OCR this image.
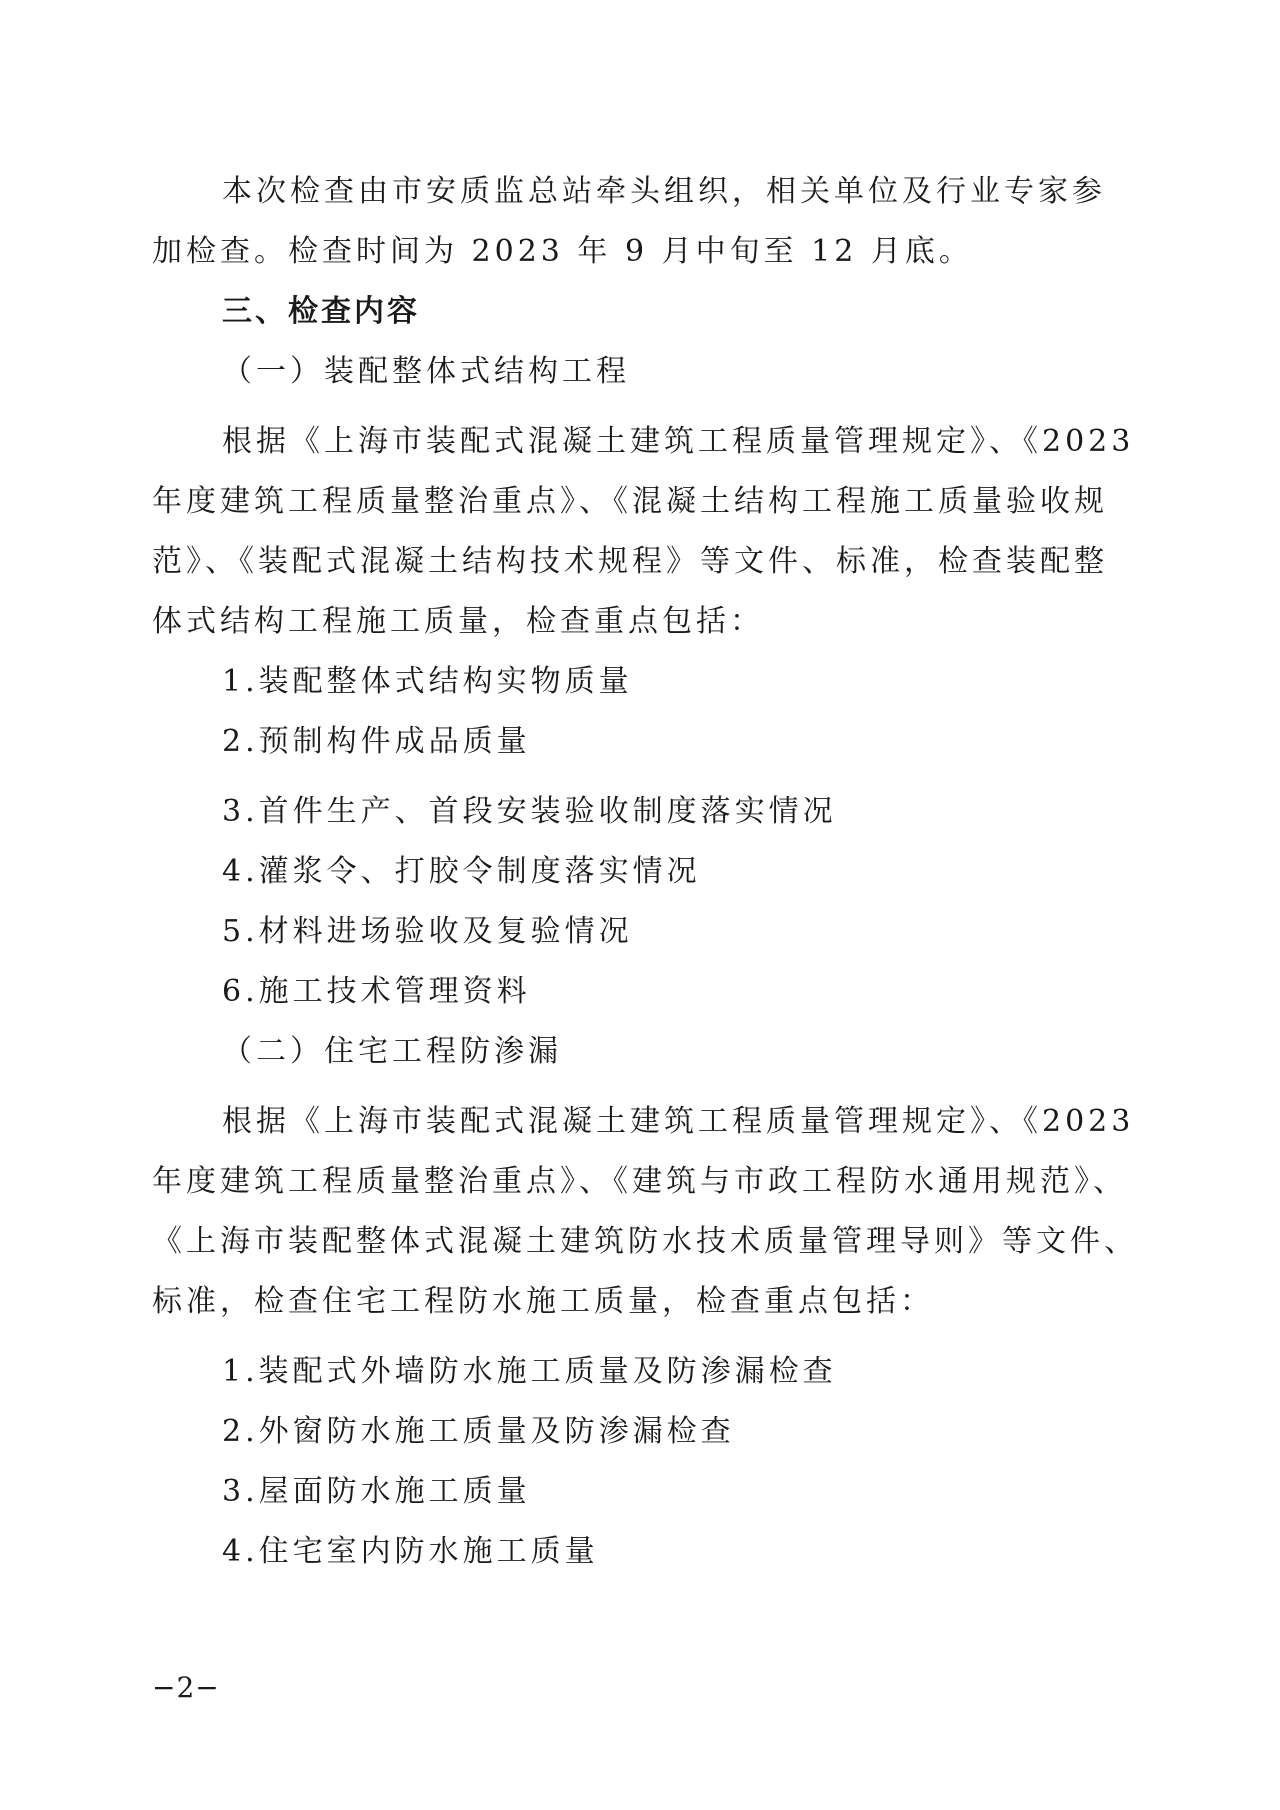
本次检查由市安质监总站牵头组织，相关单位及行业专家参
加检查。检查时间为 2023 年 9 月中旬至 12 月底。
三、检查内容
（一）装配整体式结构工程
根据《上海市装配式混凝土建筑工程质量管理规定》、《2023
年度建筑工程质量整治重点》、《混凝土结构工程施工质量验收规
范》、《装配式混凝土结构技术规程》等文件、标准，检查装配整
体式结构工程施工质量，检查重点包括：
1.装配整体式结构实物质量
2.预制构件成品质量
3.首件生产、首段安装验收制度落实情况
4.灌浆令、打胶令制度落实情况
5.材料进场验收及复验情况
6.施工技术管理资料
（二）住宅工程防渗漏
根据《上海市装配式混凝土建筑工程质量管理规定》、《2023
年度建筑工程质量整治重点》、《建筑与市政工程防水通用规范》、
《上海市装配整体式混凝土建筑防水技术质量管理导则》等文件、
标准，检查住宅工程防水施工质量，检查重点包括：
1.装配式外墙防水施工质量及防渗漏检查
2.外窗防水施工质量及防渗漏检查
3.屋面防水施工质量
4.住宅室内防水施工质量
−2−
